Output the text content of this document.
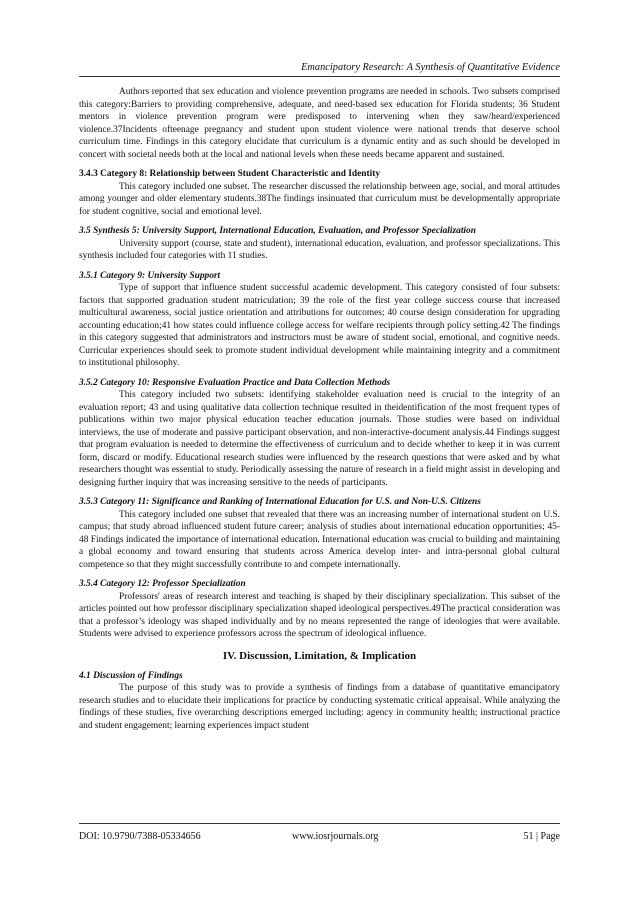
Emancipatory Research: A Synthesis of Quantitative Evidence

Authors reported that sex education and violence prevention programs are needed in schools. Two subsets comprised this category:Barriers to providing comprehensive, adequate, and need-based sex education for Florida students; 36 Student mentors in violence prevention program were predisposed to intervening when they saw/heard/experienced violence.37Incidents ofteenage pregnancy and student upon student violence were national trends that deserve school curriculum time. Findings in this category elucidate that curriculum is a dynamic entity and as such should be developed in concert with societal needs both at the local and national levels when these needs became apparent and sustained.

3.4.3 Category 8: Relationship between Student Characteristic and Identity

This category included one subset. The researcher discussed the relationship between age, social, and moral attitudes among younger and older elementary students.38The findings insinuated that curriculum must be developmentally appropriate for student cognitive, social and emotional level.

3.5 Synthesis 5: University Support, International Education, Evaluation, and Professor Specialization

University support (course, state and student), international education, evaluation, and professor specializations. This synthesis included four categories with 11 studies.

3.5.1 Category 9: University Support

Type of support that influence student successful academic development. This category consisted of four subsets: factors that supported graduation student matriculation; 39 the role of the first year college success course that increased multicultural awareness, social justice orientation and attributions for outcomes; 40 course design consideration for upgrading accounting education;41 how states could influence college access for welfare recipients through policy setting.42 The findings in this category suggested that administrators and instructors must be aware of student social, emotional, and cognitive needs. Curricular experiences should seek to promote student individual development while maintaining integrity and a commitment to institutional philosophy.

3.5.2 Category 10: Responsive Evaluation Practice and Data Collection Methods

This category included two subsets: identifying stakeholder evaluation need is crucial to the integrity of an evaluation report; 43 and using qualitative data collection technique resulted in theidentification of the most frequent types of publications within two major physical education teacher education journals. Those studies were based on individual interviews, the use of moderate and passive participant observation, and non-interactive-document analysis.44 Findings suggest that program evaluation is needed to determine the effectiveness of curriculum and to decide whether to keep it in was current form, discard or modify. Educational research studies were influenced by the research questions that were asked and by what researchers thought was essential to study. Periodically assessing the nature of research in a field might assist in developing and designing further inquiry that was increasing sensitive to the needs of participants.

3.5.3 Category 11: Significance and Ranking of International Education for U.S. and Non-U.S. Citizens

This category included one subset that revealed that there was an increasing number of international student on U.S. campus; that study abroad influenced student future career; analysis of studies about international education opportunities; 45-48 Findings indicated the importance of international education. International education was crucial to building and maintaining a global economy and toward ensuring that students across America develop inter- and intra-personal global cultural competence so that they might successfully contribute to and compete internationally.

3.5.4 Category 12: Professor Specialization

Professors' areas of research interest and teaching is shaped by their disciplinary specialization. This subset of the articles pointed out how professor disciplinary specialization shaped ideological perspectives.49The practical consideration was that a professor’s ideology was shaped individually and by no means represented the range of ideologies that were available. Students were advised to experience professors across the spectrum of ideological influence.

IV. Discussion, Limitation, & Implication
4.1 Discussion of Findings

The purpose of this study was to provide a synthesis of findings from a database of quantitative emancipatory research studies and to elucidate their implications for practice by conducting systematic critical appraisal. While analyzing the findings of these studies, five overarching descriptions emerged including: agency in community health; instructional practice and student engagement; learning experiences impact student

DOI: 10.9790/7388-05334656	www.iosrjournals.org	51 | Page
